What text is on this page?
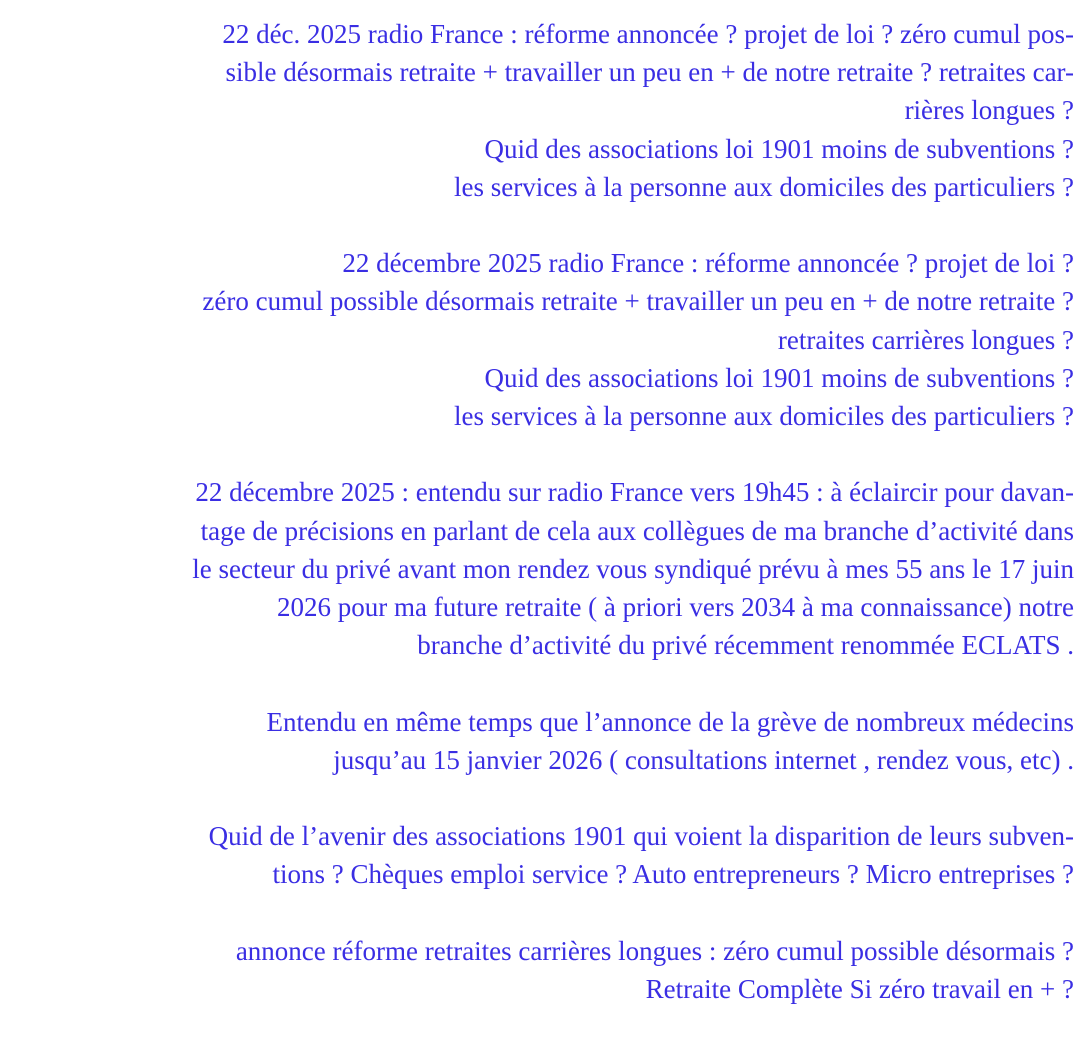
22 déc. 2025 radio France : réforme annoncée ? projet de loi ? zéro cumul pos-
sible désormais retraite + travailler un peu en + de notre retraite ? retraites car-
rières longues ?
Quid des associations loi 1901 moins de subventions ?
les services à la personne aux domiciles des particuliers ?

22 décembre 2025 radio France : réforme annoncée ? projet de loi ?
zéro cumul possible désormais retraite + travailler un peu en + de notre retraite ?
retraites carrières longues ?
Quid des associations loi 1901 moins de subventions ?
les services à la personne aux domiciles des particuliers ?

22 décembre 2025 : entendu sur radio France vers 19h45 : à éclaircir pour davan-
tage de précisions en parlant de cela aux collègues de ma branche d’activité dans
le secteur du privé avant mon rendez vous syndiqué prévu à mes 55 ans le 17 juin
2026 pour ma future retraite ( à priori vers 2034 à ma connaissance) notre
branche d’activité du privé récemment renommée ECLATS .

Entendu en même temps que l’annonce de la grève de nombreux médecins
jusqu’au 15 janvier 2026 ( consultations internet , rendez vous, etc) .

Quid de l’avenir des associations 1901 qui voient la disparition de leurs subven-
tions ? Chèques emploi service ? Auto entrepreneurs ? Micro entreprises ?

annonce réforme retraites carrières longues : zéro cumul possible désormais ?
Retraite Complète Si zéro travail en + ?
